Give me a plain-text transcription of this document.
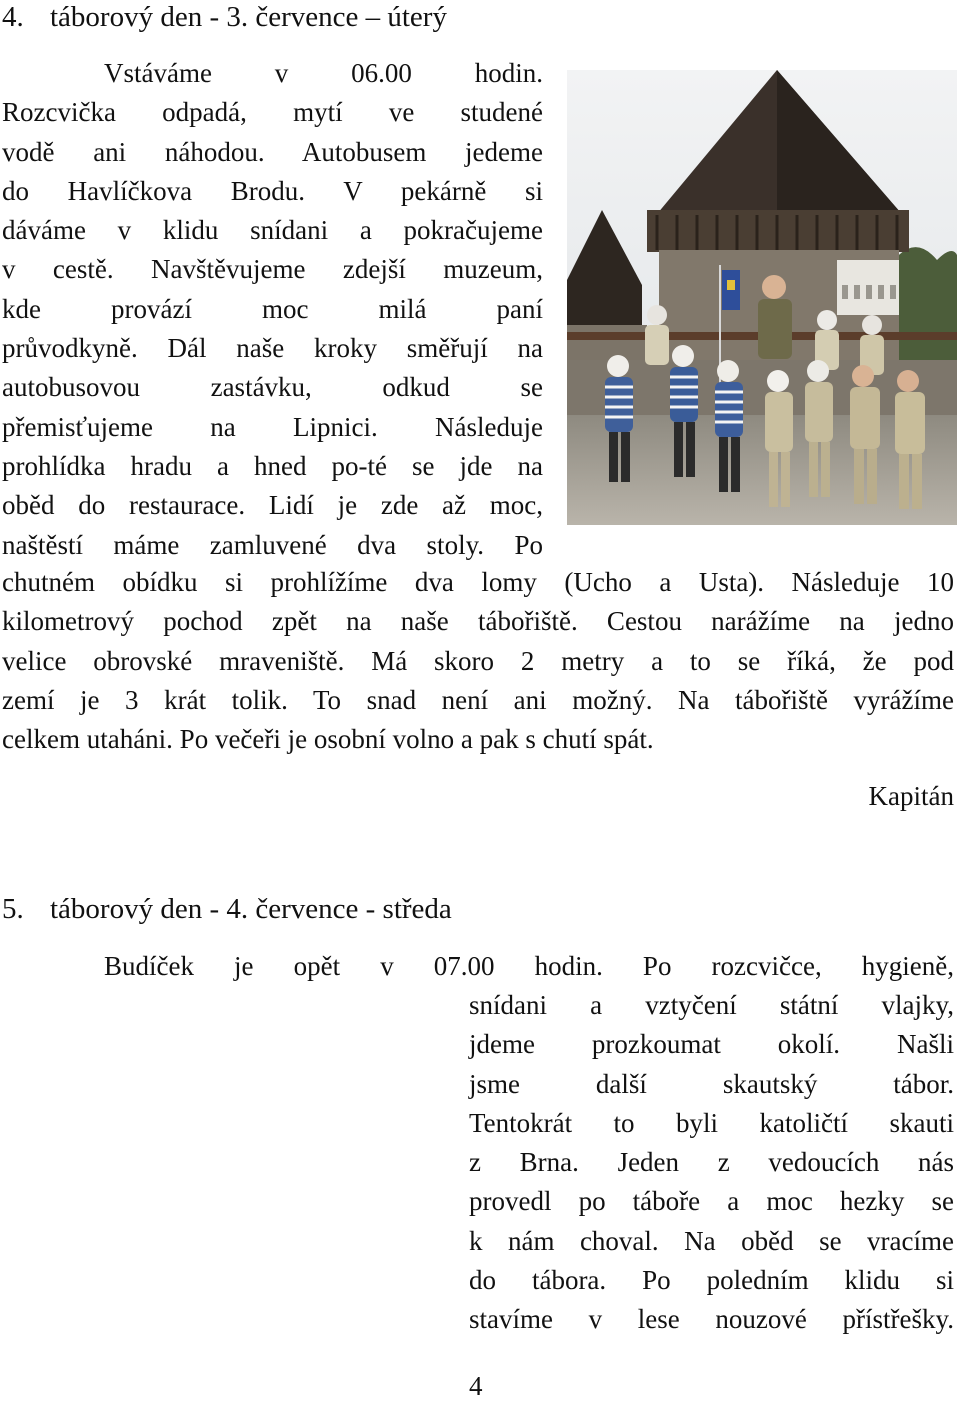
4. táborový den - 3. července – úterý
Vstáváme v 06.00 hodin.
Rozcvička odpadá, mytí ve studené
vodě ani náhodou. Autobusem jedeme
do Havlíčkova Brodu. V pekárně si
dáváme v klidu snídani a pokračujeme
v cestě. Navštěvujeme zdejší muzeum,
kde provází moc milá paní
průvodkyně. Dál naše kroky směřují na
autobusovou zastávku, odkud se
přemisťujeme na Lipnici. Následuje
prohlídka hradu a hned po-té se jde na
oběd do restaurace. Lidí je zde až moc,
naštěstí máme zamluvené dva stoly. Po
chutném obídku si prohlížíme dva lomy (Ucho a Usta). Následuje 10
kilometrový pochod zpět na naše tábořiště. Cestou narážíme na jedno
velice obrovské mraveniště. Má skoro 2 metry a to se říká, že pod
zemí je 3 krát tolik. To snad není ani možný. Na tábořiště vyrážíme
celkem utaháni. Po večeři je osobní volno a pak s chutí spát.
Kapitán
5. táborový den - 4. července - středa
Budíček je opět v 07.00 hodin. Po rozcvičce, hygieně,
snídani a vztyčení státní vlajky,
jdeme prozkoumat okolí. Našli
jsme další skautský tábor.
Tentokrát to byli katoličtí skauti
z Brna. Jeden z vedoucích nás
provedl po táboře a moc hezky se
k nám choval. Na oběd se vracíme
do tábora. Po poledním klidu si
stavíme v lese nouzové přístřešky.
4
